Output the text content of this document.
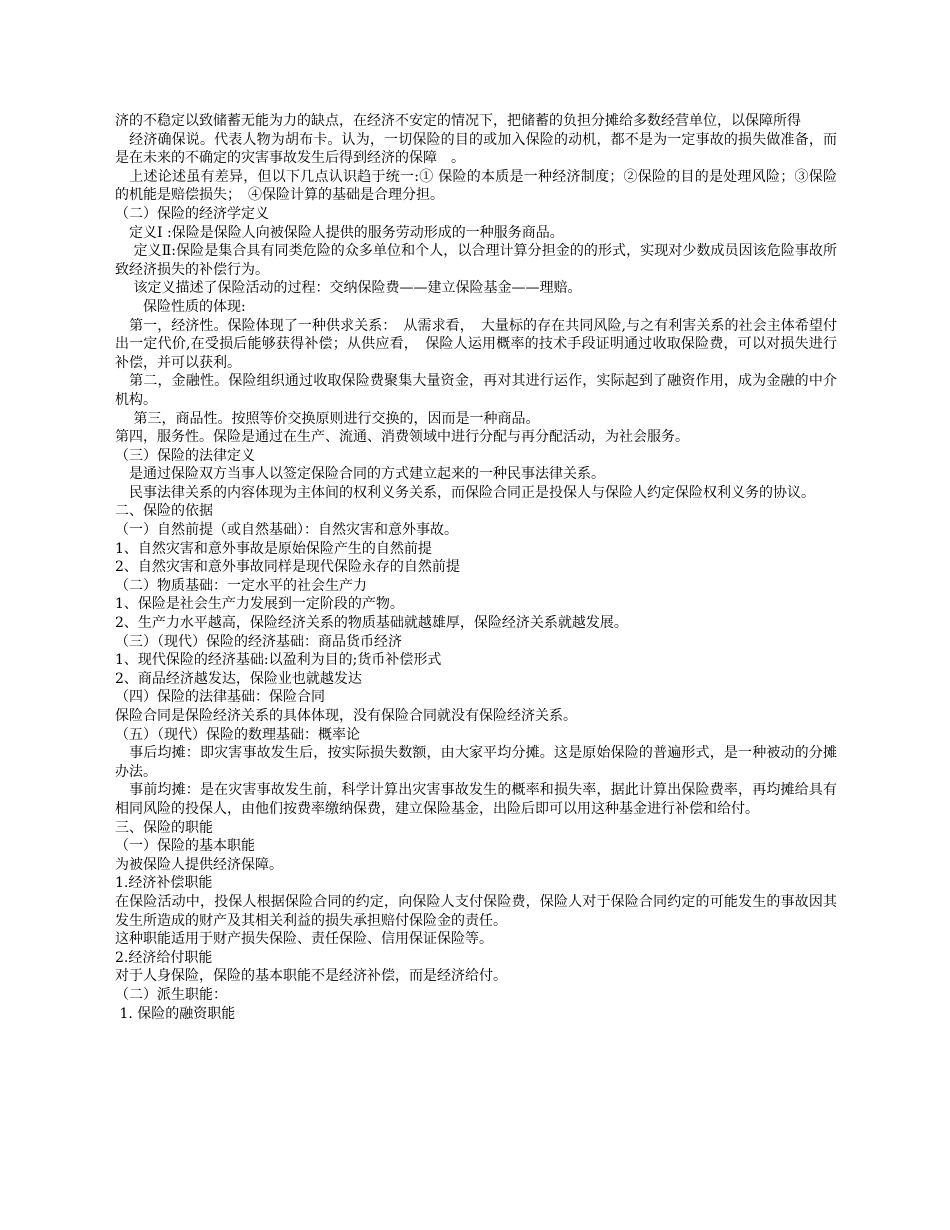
济的不稳定以致储蓄无能为力的缺点，在经济不安定的情况下，把储蓄的负担分摊给多数经营单位，以保障所得

　经济确保说。代表人物为胡布卡。认为，一切保险的目的或加入保险的动机，都不是为一定事故的损失做准备，而是在未来的不确定的灾害事故发生后得到经济的保障　。

　上述论述虽有差异，但以下几点认识趋于统一:① 保险的本质是一种经济制度；②保险的目的是处理风险；③保险的机能是赔偿损失；　④保险计算的基础是合理分担。

（二）保险的经济学定义

　定义Ⅰ :保险是保险人向被保险人提供的服务劳动形成的一种服务商品。

　 定义Ⅱ:保险是集合具有同类危险的众多单位和个人，以合理计算分担金的的形式，实现对少数成员因该危险事故所致经济损失的补偿行为。

　 该定义描述了保险活动的过程：交纳保险费——建立保险基金——理赔。

　　保险性质的体现:

　第一，经济性。保险体现了一种供求关系：　从需求看，　大量标的存在共同风险,与之有利害关系的社会主体希望付出一定代价,在受损后能够获得补偿；从供应看，　保险人运用概率的技术手段证明通过收取保险费，可以对损失进行补偿，并可以获利。

　第二，金融性。保险组织通过收取保险费聚集大量资金，再对其进行运作，实际起到了融资作用，成为金融的中介机构。

　 第三，商品性。按照等价交换原则进行交换的，因而是一种商品。

第四，服务性。保险是通过在生产、流通、消费领域中进行分配与再分配活动，为社会服务。

（三）保险的法律定义

　是通过保险双方当事人以签定保险合同的方式建立起来的一种民事法律关系。

　民事法律关系的内容体现为主体间的权利义务关系，而保险合同正是投保人与保险人约定保险权利义务的协议。

二、保险的依据

（一）自然前提（或自然基础）：自然灾害和意外事故。

1、自然灾害和意外事故是原始保险产生的自然前提

2、自然灾害和意外事故同样是现代保险永存的自然前提

（二）物质基础：一定水平的社会生产力

1、保险是社会生产力发展到一定阶段的产物。

2、生产力水平越高，保险经济关系的物质基础就越雄厚，保险经济关系就越发展。

（三）（现代）保险的经济基础：商品货币经济

1、现代保险的经济基础:以盈利为目的;货币补偿形式

2、商品经济越发达，保险业也就越发达

（四）保险的法律基础：保险合同

保险合同是保险经济关系的具体体现，没有保险合同就没有保险经济关系。

（五）（现代）保险的数理基础：概率论

　事后均摊：即灾害事故发生后，按实际损失数额，由大家平均分摊。这是原始保险的普遍形式，是一种被动的分摊办法。

　事前均摊：是在灾害事故发生前，科学计算出灾害事故发生的概率和损失率，据此计算出保险费率，再均摊给具有相同风险的投保人，由他们按费率缴纳保费，建立保险基金，出险后即可以用这种基金进行补偿和给付。

三、保险的职能

（一）保险的基本职能

为被保险人提供经济保障。

1.经济补偿职能

在保险活动中，投保人根据保险合同的约定，向保险人支付保险费，保险人对于保险合同约定的可能发生的事故因其发生所造成的财产及其相关利益的损失承担赔付保险金的责任。

这种职能适用于财产损失保险、责任保险、信用保证保险等。

2.经济给付职能

对于人身保险，保险的基本职能不是经济补偿，而是经济给付。

（二）派生职能：

1. 保险的融资职能
